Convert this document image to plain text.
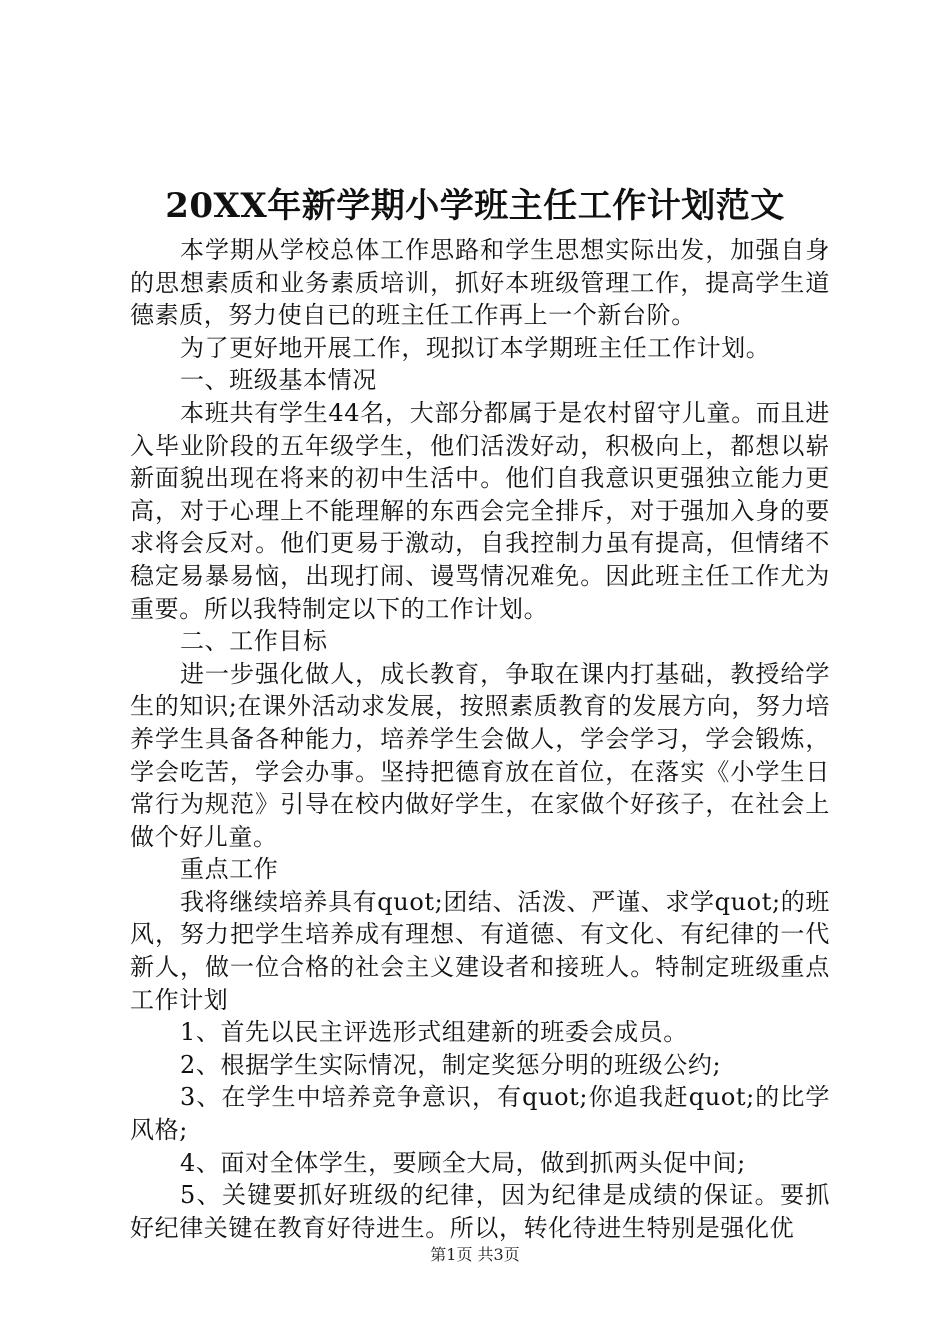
20XX年新学期小学班主任工作计划范文

本学期从学校总体工作思路和学生思想实际出发，加强自身的思想素质和业务素质培训，抓好本班级管理工作，提高学生道德素质，努力使自已的班主任工作再上一个新台阶。

为了更好地开展工作，现拟订本学期班主任工作计划。

一、班级基本情况

本班共有学生44名，大部分都属于是农村留守儿童。而且进入毕业阶段的五年级学生，他们活泼好动，积极向上，都想以崭新面貌出现在将来的初中生活中。他们自我意识更强独立能力更高，对于心理上不能理解的东西会完全排斥，对于强加入身的要求将会反对。他们更易于激动，自我控制力虽有提高，但情绪不稳定易暴易恼，出现打闹、谩骂情况难免。因此班主任工作尤为重要。所以我特制定以下的工作计划。

二、工作目标

进一步强化做人，成长教育，争取在课内打基础，教授给学生的知识;在课外活动求发展，按照素质教育的发展方向，努力培养学生具备各种能力，培养学生会做人，学会学习，学会锻炼，学会吃苦，学会办事。坚持把德育放在首位，在落实《小学生日常行为规范》引导在校内做好学生，在家做个好孩子，在社会上做个好儿童。

重点工作

我将继续培养具有quot;团结、活泼、严谨、求学quot;的班风，努力把学生培养成有理想、有道德、有文化、有纪律的一代新人，做一位合格的社会主义建设者和接班人。特制定班级重点工作计划

1、首先以民主评选形式组建新的班委会成员。

2、根据学生实际情况，制定奖惩分明的班级公约;

3、在学生中培养竞争意识，有quot;你追我赶quot;的比学风格;

4、面对全体学生，要顾全大局，做到抓两头促中间;

5、关键要抓好班级的纪律，因为纪律是成绩的保证。要抓好纪律关键在教育好待进生。所以，转化待进生特别是强化优

第1页 共3页
